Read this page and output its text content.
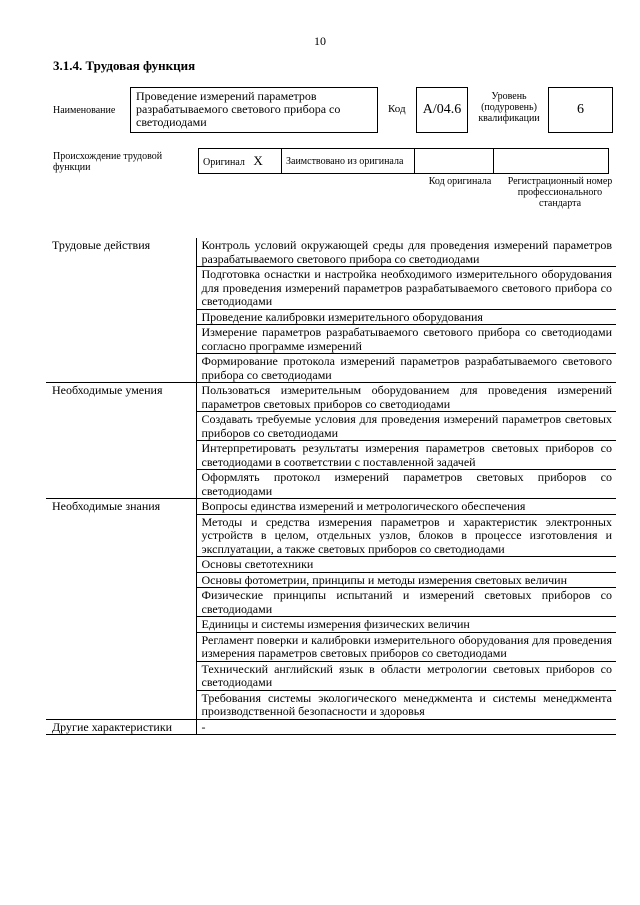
10
3.1.4. Трудовая функция
Наименование
Проведение измерений параметров разрабатываемого светового прибора со светодиодами
Код А/04.6
Уровень (подуровень) квалификации
6
Происхождение трудовой функции	Оригинал X	Заимствовано из оригинала		
Код оригинала	Регистрационный номер профессионального стандарта
Трудовые действия	Контроль условий окружающей среды для проведения измерений параметров разрабатываемого светового прибора со светодиодами
	Подготовка оснастки и настройка необходимого измерительного оборудования для проведения измерений параметров разрабатываемого светового прибора со светодиодами
	Проведение калибровки измерительного оборудования
	Измерение параметров разрабатываемого светового прибора со светодиодами согласно программе измерений
	Формирование протокола измерений параметров разрабатываемого светового прибора со светодиодами
Необходимые умения	Пользоваться измерительным оборудованием для проведения измерений параметров световых приборов со светодиодами
	Создавать требуемые условия для проведения измерений параметров световых приборов со светодиодами
	Интерпретировать результаты измерения параметров световых приборов со светодиодами в соответствии с поставленной задачей
	Оформлять протокол измерений параметров световых приборов со светодиодами
Необходимые знания	Вопросы единства измерений и метрологического обеспечения
	Методы и средства измерения параметров и характеристик электронных устройств в целом, отдельных узлов, блоков в процессе изготовления и эксплуатации, а также световых приборов со светодиодами
	Основы светотехники
	Основы фотометрии, принципы и методы измерения световых величин
	Физические принципы испытаний и измерений световых приборов со светодиодами
	Единицы и системы измерения физических величин
	Регламент поверки и калибровки измерительного оборудования для проведения измерения параметров световых приборов со светодиодами
	Технический английский язык в области метрологии световых приборов со светодиодами
	Требования системы экологического менеджмента и системы менеджмента производственной безопасности и здоровья
Другие характеристики	-
